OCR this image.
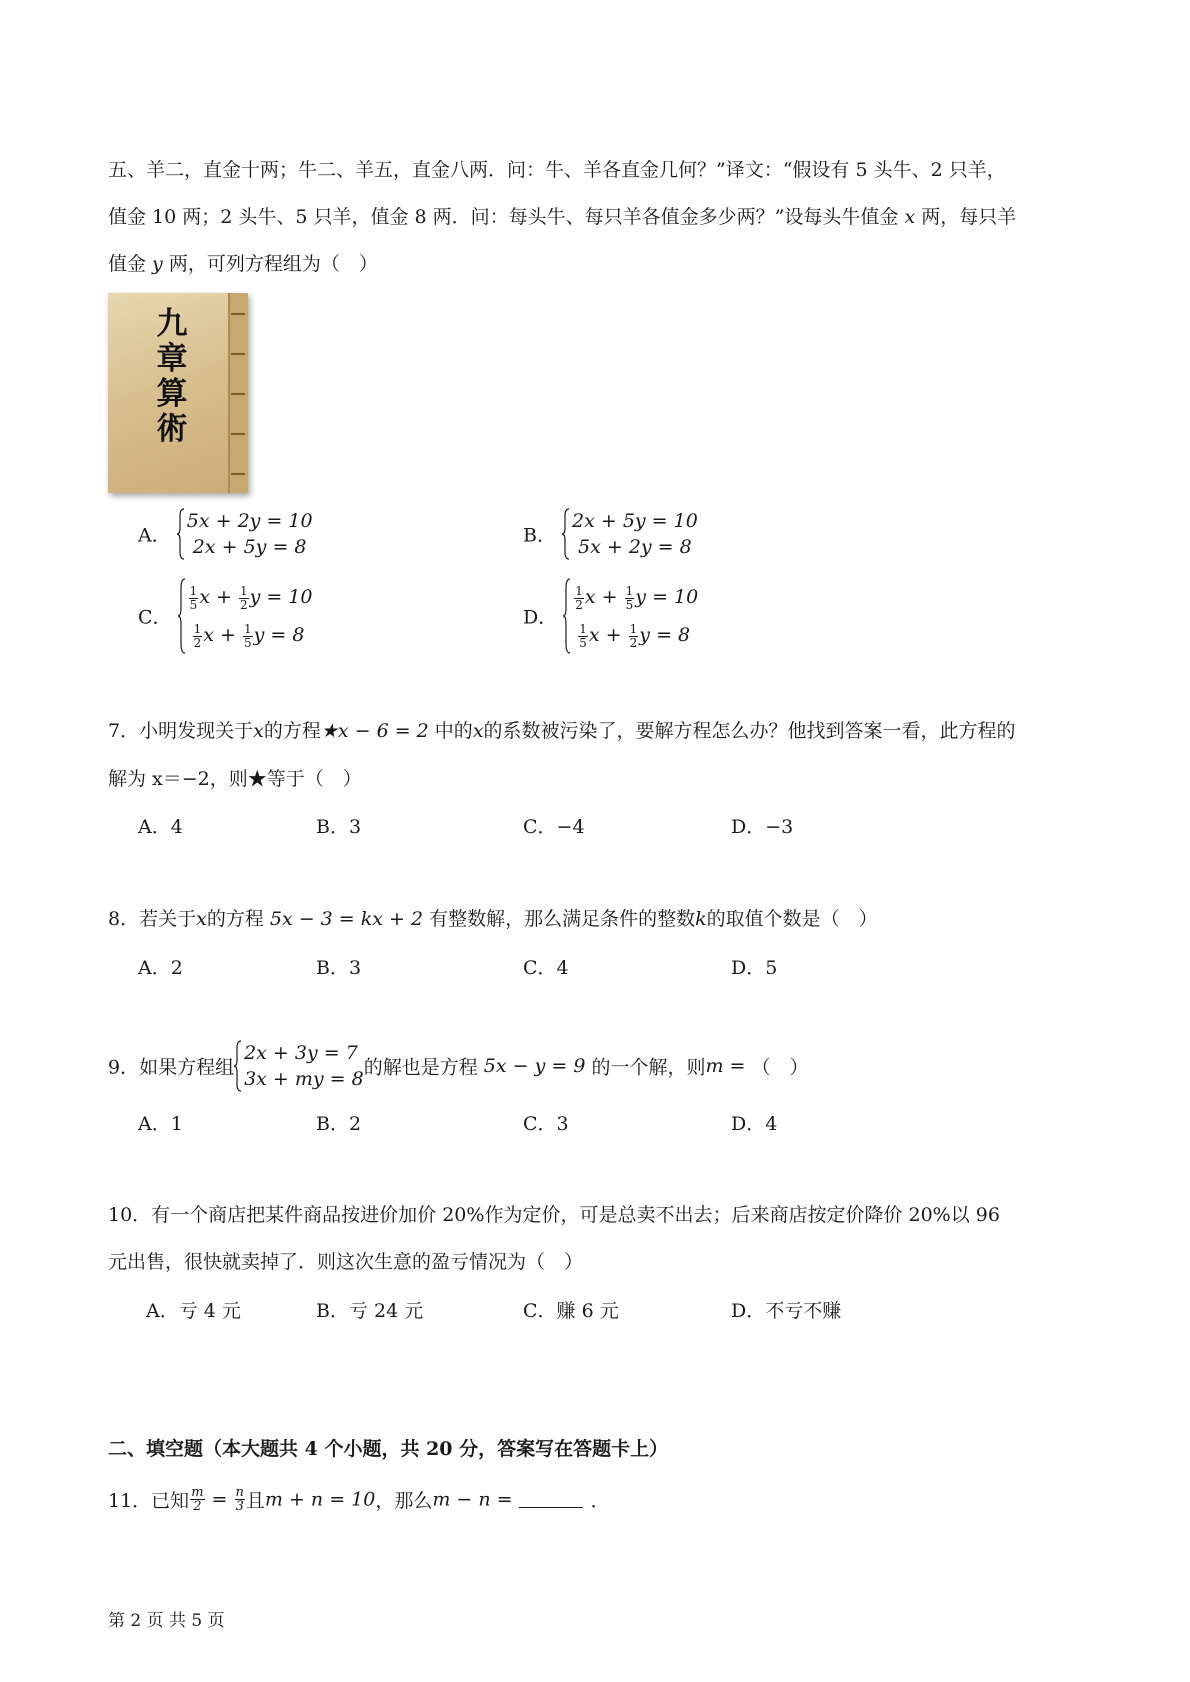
五、羊二，直金十两；牛二、羊五，直金八两．问：牛、羊各直金几何？”译文：“假设有 5 头牛、2 只羊，
值金 10 两；2 头牛、5 只羊，值金 8 两．问：每头牛、每只羊各值金多少两？”设每头牛值金 x 两，每只羊
值金 y 两，可列方程组为（　）
九章算術
A．
5x + 2y = 10
2x + 5y = 8
B．
2x + 5y = 10
5x + 2y = 8
C．
$\frac{1}{5}$ $x + \frac{1}{2}$ y = 10
$\frac{1}{2}$ $x + \frac{1}{5}$ y = 8
D．
$\frac{1}{2}$ $x + \frac{1}{5}$ y = 10
$\frac{1}{5}$ $x + \frac{1}{2}$ y = 8
7．小明发现关于x的方程★x − 6 = 2 中的x的系数被污染了，要解方程怎么办？他找到答案一看，此方程的
解为 x＝−2，则★等于（　）
A．4	B．3	C．−4	D．−3
8．若关于x的方程 5x − 3 = kx + 2 有整数解，那么满足条件的整数k的取值个数是（　）
A．2	B．3	C．4	D．5
9．如果方程组
2x + 3y = 7
3x + my = 8
的解也是方程 5x − y = 9 的一个解，则m = （　）
A．1	B．2	C．3	D．4
10．有一个商店把某件商品按进价加价 20%作为定价，可是总卖不出去；后来商店按定价降价 20%以 96
元出售，很快就卖掉了．则这次生意的盈亏情况为（　）
A．亏 4 元	B．亏 24 元	C．赚 6 元	D．不亏不赚
二、填空题（本大题共 4 个小题，共 20 分，答案写在答题卡上）
11．已知 $\frac{m}{2} = \frac{n}{3}$ 且m + n = 10，那么m − n =	．
第 2 页 共 5 页
